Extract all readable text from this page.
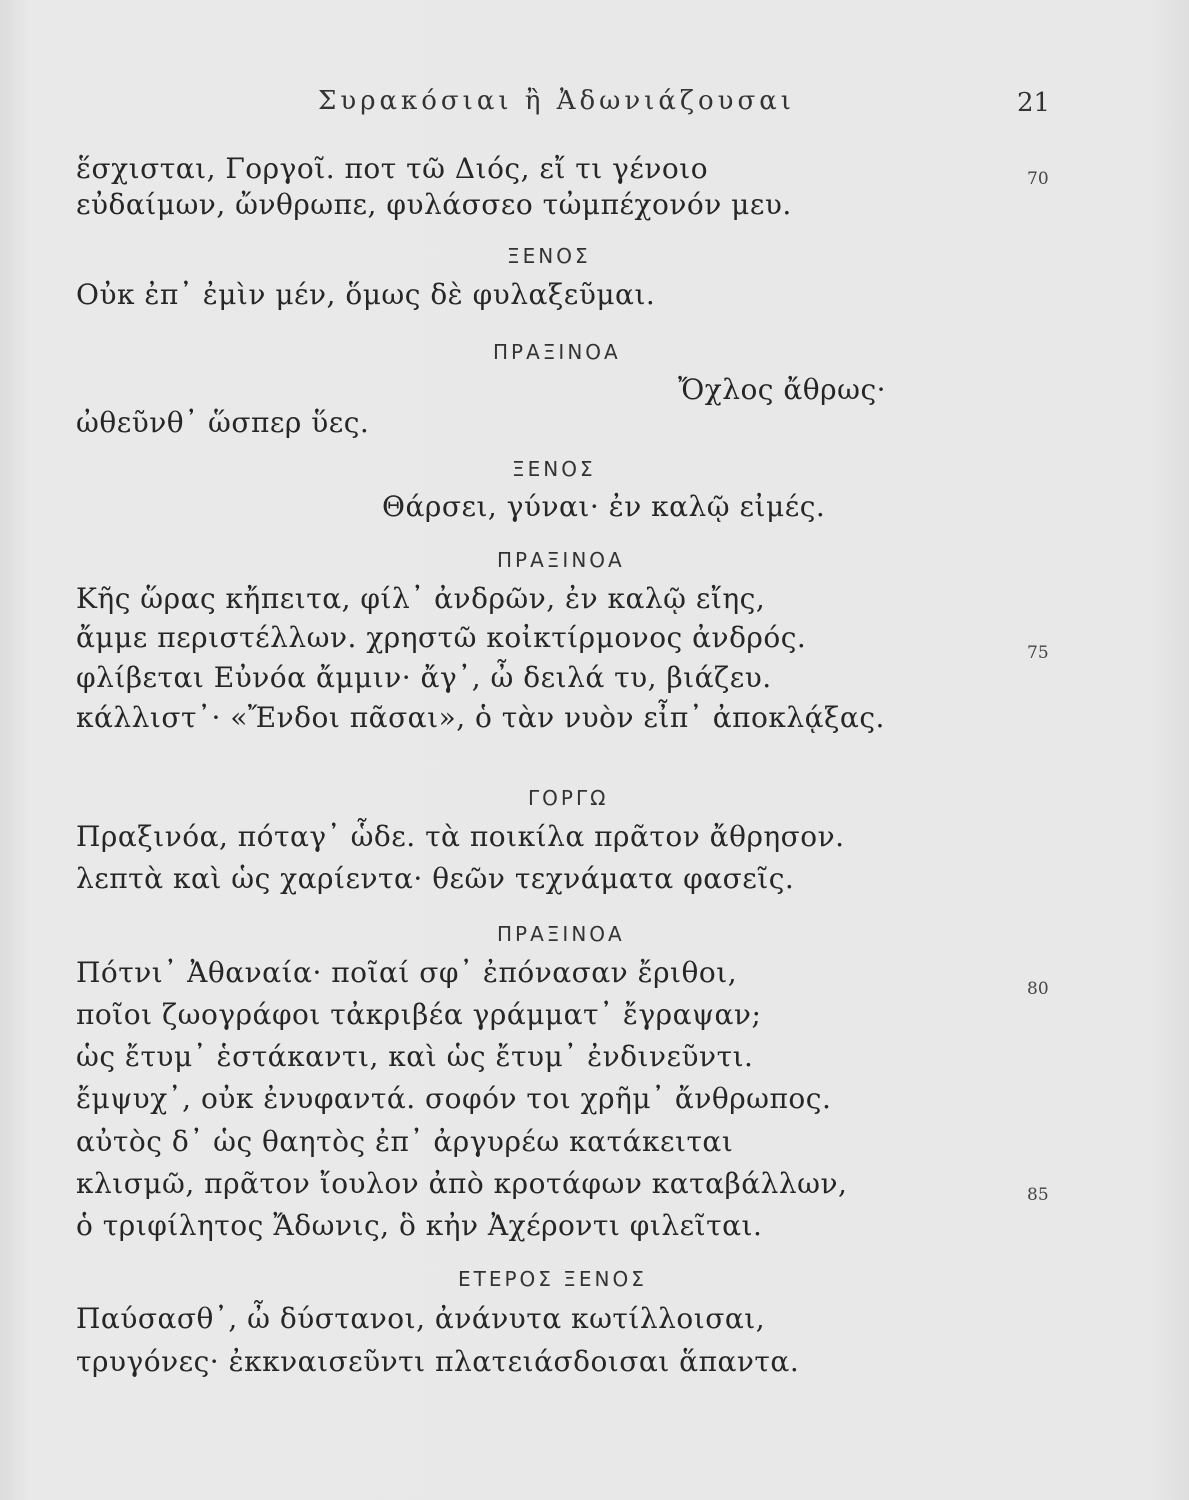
Συρακόσιαι ἢ Ἀδωνιάζουσαι	21
ἕσχισται, Γοργοῖ. ποτ τῶ Διός, εἴ τι γένοιο
εὐδαίμων, ὤνθρωπε, φυλάσσεο τὠμπέχονόν μευ.
70
ΞΕΝΟΣ
Οὐκ ἐπ᾽ ἐμὶν μέν, ὅμως δὲ φυλαξεῦμαι.
ΠΡΑΞΙΝΟΑ
Ὄχλος ἄθρως·
ὠθεῦνθ᾽ ὥσπερ ὕες.
ΞΕΝΟΣ
Θάρσει, γύναι· ἐν καλῷ εἰμές.
ΠΡΑΞΙΝΟΑ
Κῆς ὥρας κἤπειτα, φίλ᾽ ἀνδρῶν, ἐν καλῷ εἴης,
ἄμμε περιστέλλων. χρηστῶ κοἰκτίρμονος ἀνδρός.
φλίβεται Εὐνόα ἄμμιν· ἄγ᾽, ὦ δειλά τυ, βιάζευ.
κάλλιστ᾽· «Ἔνδοι πᾶσαι», ὁ τὰν νυὸν εἶπ᾽ ἀποκλᾴξας.
75
ΓΟΡΓΩ
Πραξινόα, πόταγ᾽ ὧδε. τὰ ποικίλα πρᾶτον ἄθρησον.
λεπτὰ καὶ ὡς χαρίεντα· θεῶν τεχνάματα φασεῖς.
ΠΡΑΞΙΝΟΑ
Πότνι᾽ Ἀθαναία· ποῖαί σφ᾽ ἐπόνασαν ἔριθοι,
ποῖοι ζωογράφοι τἀκριβέα γράμματ᾽ ἔγραψαν;
ὡς ἔτυμ᾽ ἑστάκαντι, καὶ ὡς ἔτυμ᾽ ἐνδινεῦντι.
ἔμψυχ᾽, οὐκ ἐνυφαντά. σοφόν τοι χρῆμ᾽ ἄνθρωπος.
αὐτὸς δ᾽ ὡς θαητὸς ἐπ᾽ ἀργυρέω κατάκειται
κλισμῶ, πρᾶτον ἴουλον ἀπὸ κροτάφων καταβάλλων,
ὁ τριφίλητος Ἄδωνις, ὃ κἠν Ἀχέροντι φιλεῖται.
80
85
ΕΤΕΡΟΣ ΞΕΝΟΣ
Παύσασθ᾽, ὦ δύστανοι, ἀνάνυτα κωτίλλοισαι,
τρυγόνες· ἐκκναισεῦντι πλατειάσδοισαι ἅπαντα.
